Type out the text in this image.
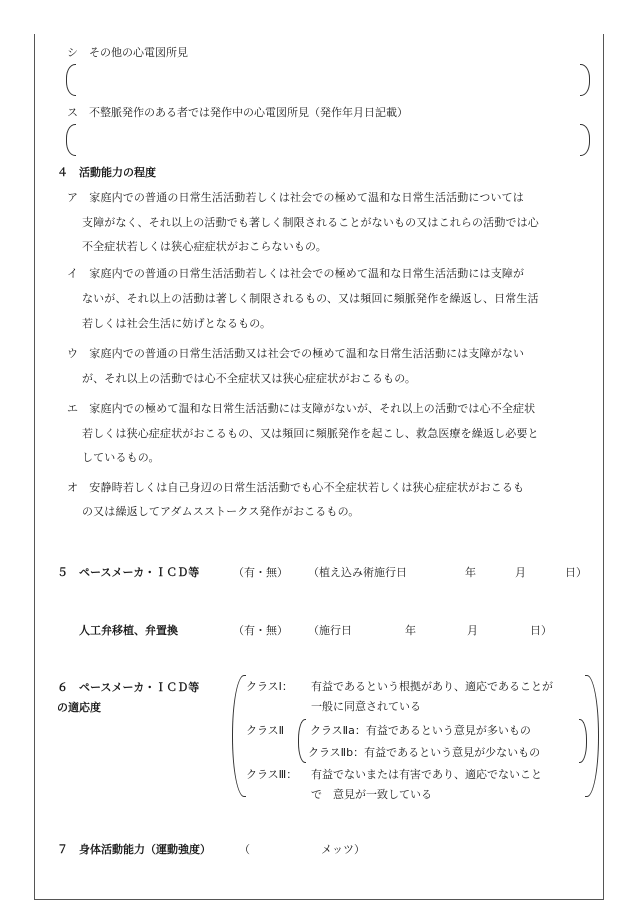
シ　その他の心電図所見
ス　不整脈発作のある者では発作中の心電図所見（発作年月日記載）
４　活動能力の程度
ア　家庭内での普通の日常生活活動若しくは社会での極めて温和な日常生活活動については
支障がなく、それ以上の活動でも著しく制限されることがないもの又はこれらの活動では心
不全症状若しくは狭心症症状がおこらないもの。
イ　家庭内での普通の日常生活活動若しくは社会での極めて温和な日常生活活動には支障が
ないが、それ以上の活動は著しく制限されるもの、又は頻回に頻脈発作を繰返し、日常生活
若しくは社会生活に妨げとなるもの。
ウ　家庭内での普通の日常生活活動又は社会での極めて温和な日常生活活動には支障がない
が、それ以上の活動では心不全症状又は狭心症症状がおこるもの。
エ　家庭内での極めて温和な日常生活活動には支障がないが、それ以上の活動では心不全症状
若しくは狭心症症状がおこるもの、又は頻回に頻脈発作を起こし、救急医療を繰返し必要と
しているもの。
オ　安静時若しくは自己身辺の日常生活活動でも心不全症状若しくは狭心症症状がおこるも
の又は繰返してアダムスストークス発作がおこるもの。
５　ペースメーカ・ＩＣＤ等	（有・無） （植え込み術施行日	年	月	日）
人工弁移植、弁置換	（有・無） （施行日	年	月	日）
６　ペースメーカ・ＩＣＤ等
の適応度
クラスⅠ： 有益であるという根拠があり、適応であることが
一般に同意されている
クラスⅡ クラスⅡa：有益であるという意見が多いもの
クラスⅡb：有益であるという意見が少ないもの
クラスⅢ： 有益でないまたは有害であり、適応でないこと
で　意見が一致している
７　身体活動能力（運動強度）	（	メッツ）
